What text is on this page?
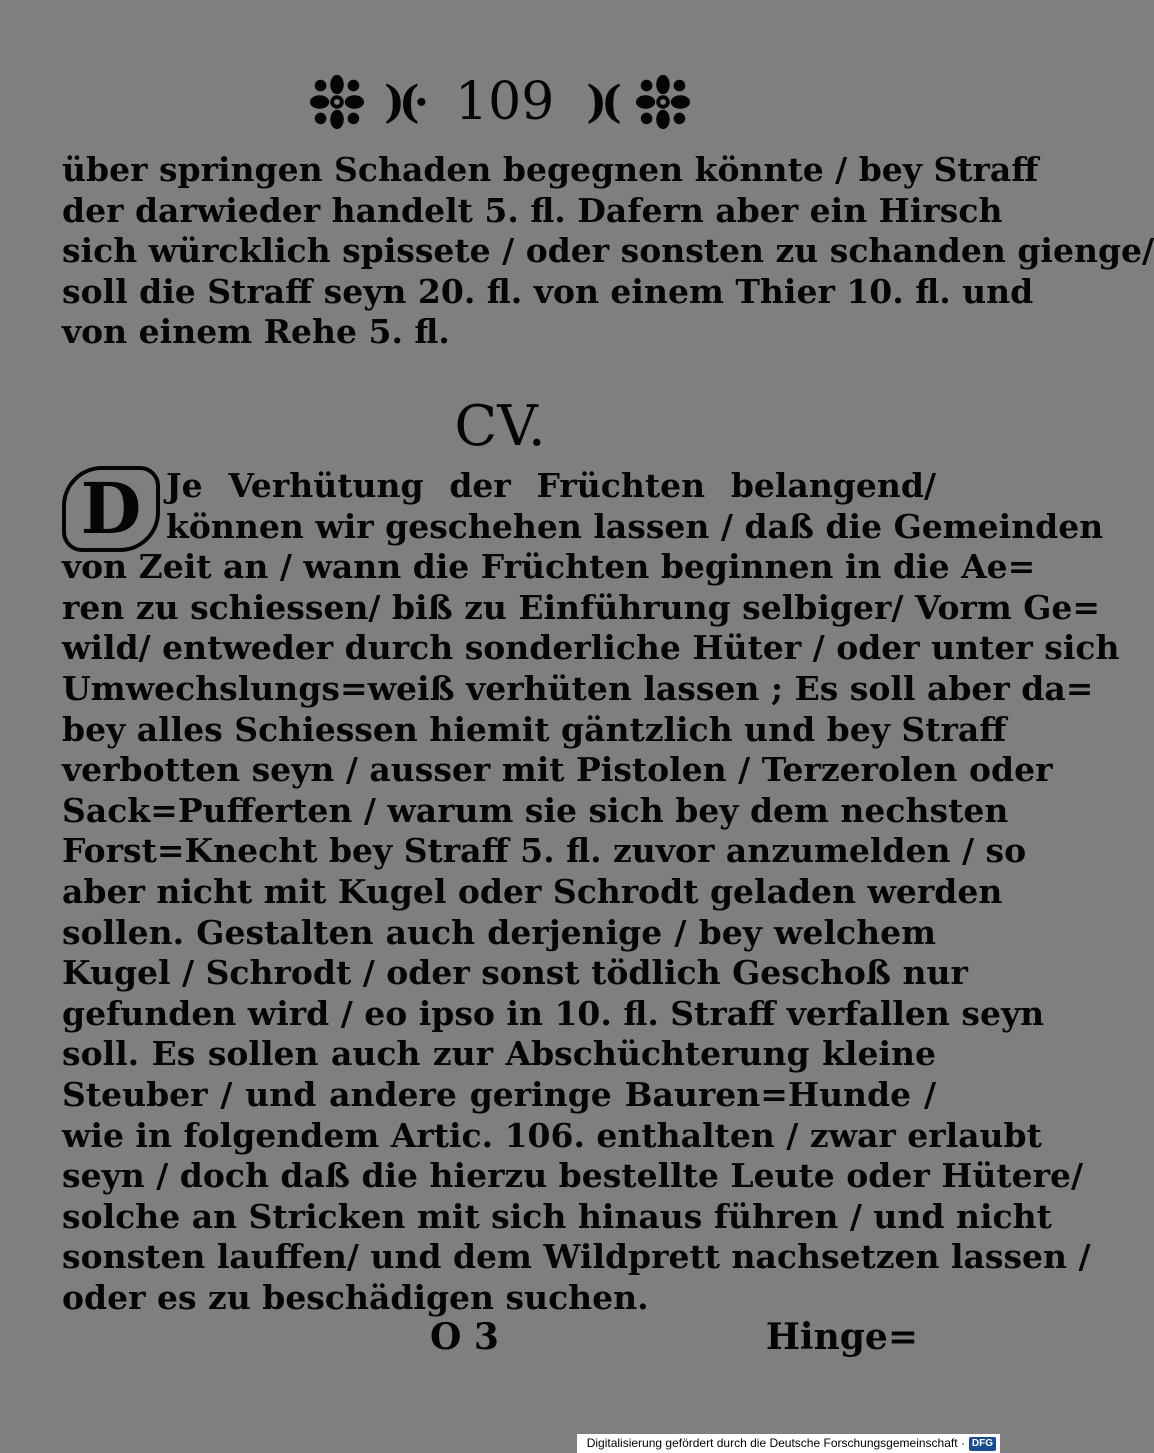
)(· 109 )(
über springen Schaden begegnen könnte / bey Straff
der darwieder handelt 5. fl. Dafern aber ein Hirsch
sich würcklich spissete / oder sonsten zu schanden gienge/
soll die Straff seyn 20. fl. von einem Thier 10. fl. und
von einem Rehe 5. fl.
CV.
D Je Verhütung der Früchten belangend/
können wir geschehen lassen / daß die Gemeinden
von Zeit an / wann die Früchten beginnen in die Ae=
ren zu schiessen/ biß zu Einführung selbiger/ Vorm Ge=
wild/ entweder durch sonderliche Hüter / oder unter sich
Umwechslungs=weiß verhüten lassen ; Es soll aber da=
bey alles Schiessen hiemit gäntzlich und bey Straff
verbotten seyn / ausser mit Pistolen / Terzerolen oder
Sack=Pufferten / warum sie sich bey dem nechsten
Forst=Knecht bey Straff 5. fl. zuvor anzumelden / so
aber nicht mit Kugel oder Schrodt geladen werden
sollen. Gestalten auch derjenige / bey welchem
Kugel / Schrodt / oder sonst tödlich Geschoß nur
gefunden wird / eo ipso in 10. fl. Straff verfallen seyn
soll. Es sollen auch zur Abschüchterung kleine
Steuber / und andere geringe Bauren=Hunde /
wie in folgendem Artic. 106. enthalten / zwar erlaubt
seyn / doch daß die hierzu bestellte Leute oder Hütere/
solche an Stricken mit sich hinaus führen / und nicht
sonsten lauffen/ und dem Wildprett nachsetzen lassen /
oder es zu beschädigen suchen.
O 3	Hinge=
Digitalisierung gefördert durch die Deutsche Forschungsgemeinschaft · DFG
